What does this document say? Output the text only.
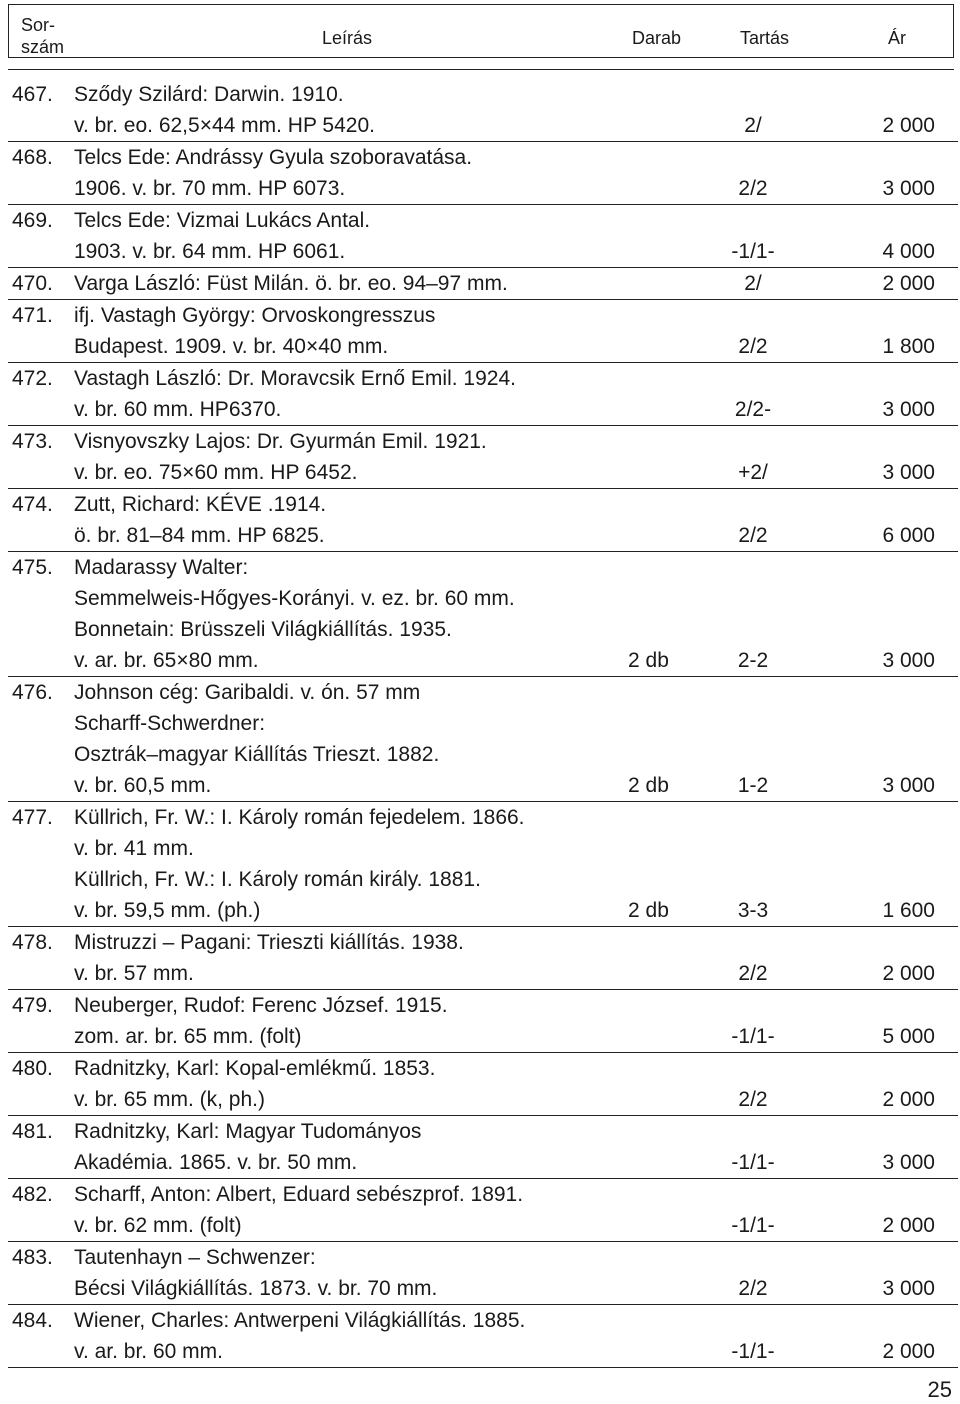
Sor-
szám	Leírás	Darab	Tartás	Ár
467. Sződy Szilárd: Darwin. 1910.
v. br. eo. 62,5×44 mm. HP 5420.	2/	2 000
468. Telcs Ede: Andrássy Gyula szoboravatása.
1906. v. br. 70 mm. HP 6073.	2/2	3 000
469. Telcs Ede: Vizmai Lukács Antal.
1903. v. br. 64 mm. HP 6061.	-1/1-	4 000
470. Varga László: Füst Milán. ö. br. eo. 94–97 mm.	2/	2 000
471. ifj. Vastagh György: Orvoskongresszus
Budapest. 1909. v. br. 40×40 mm.	2/2	1 800
472. Vastagh László: Dr. Moravcsik Ernő Emil. 1924.
v. br. 60 mm. HP6370.	2/2-	3 000
473. Visnyovszky Lajos: Dr. Gyurmán Emil. 1921.
v. br. eo. 75×60 mm. HP 6452.	+2/	3 000
474. Zutt, Richard: KÉVE .1914.
ö. br. 81–84 mm. HP 6825.	2/2	6 000
475. Madarassy Walter:
Semmelweis-Hőgyes-Korányi. v. ez. br. 60 mm.
Bonnetain: Brüsszeli Világkiállítás. 1935.
v. ar. br. 65×80 mm.	2 db	2-2	3 000
476. Johnson cég: Garibaldi. v. ón. 57 mm
Scharff-Schwerdner:
Osztrák–magyar Kiállítás Trieszt. 1882.
v. br. 60,5 mm.	2 db	1-2	3 000
477. Küllrich, Fr. W.: I. Károly román fejedelem. 1866.
v. br. 41 mm.
Küllrich, Fr. W.: I. Károly román király. 1881.
v. br. 59,5 mm. (ph.)	2 db	3-3	1 600
478. Mistruzzi – Pagani: Trieszti kiállítás. 1938.
v. br. 57 mm.	2/2	2 000
479. Neuberger, Rudof: Ferenc József. 1915.
zom. ar. br. 65 mm. (folt)	-1/1-	5 000
480. Radnitzky, Karl: Kopal-emlékmű. 1853.
v. br. 65 mm. (k, ph.)	2/2	2 000
481. Radnitzky, Karl: Magyar Tudományos
Akadémia. 1865. v. br. 50 mm.	-1/1-	3 000
482. Scharff, Anton: Albert, Eduard sebészprof. 1891.
v. br. 62 mm. (folt)	-1/1-	2 000
483. Tautenhayn – Schwenzer:
Bécsi Világkiállítás. 1873. v. br. 70 mm.	2/2	3 000
484. Wiener, Charles: Antwerpeni Világkiállítás. 1885.
v. ar. br. 60 mm.	-1/1-	2 000
25
